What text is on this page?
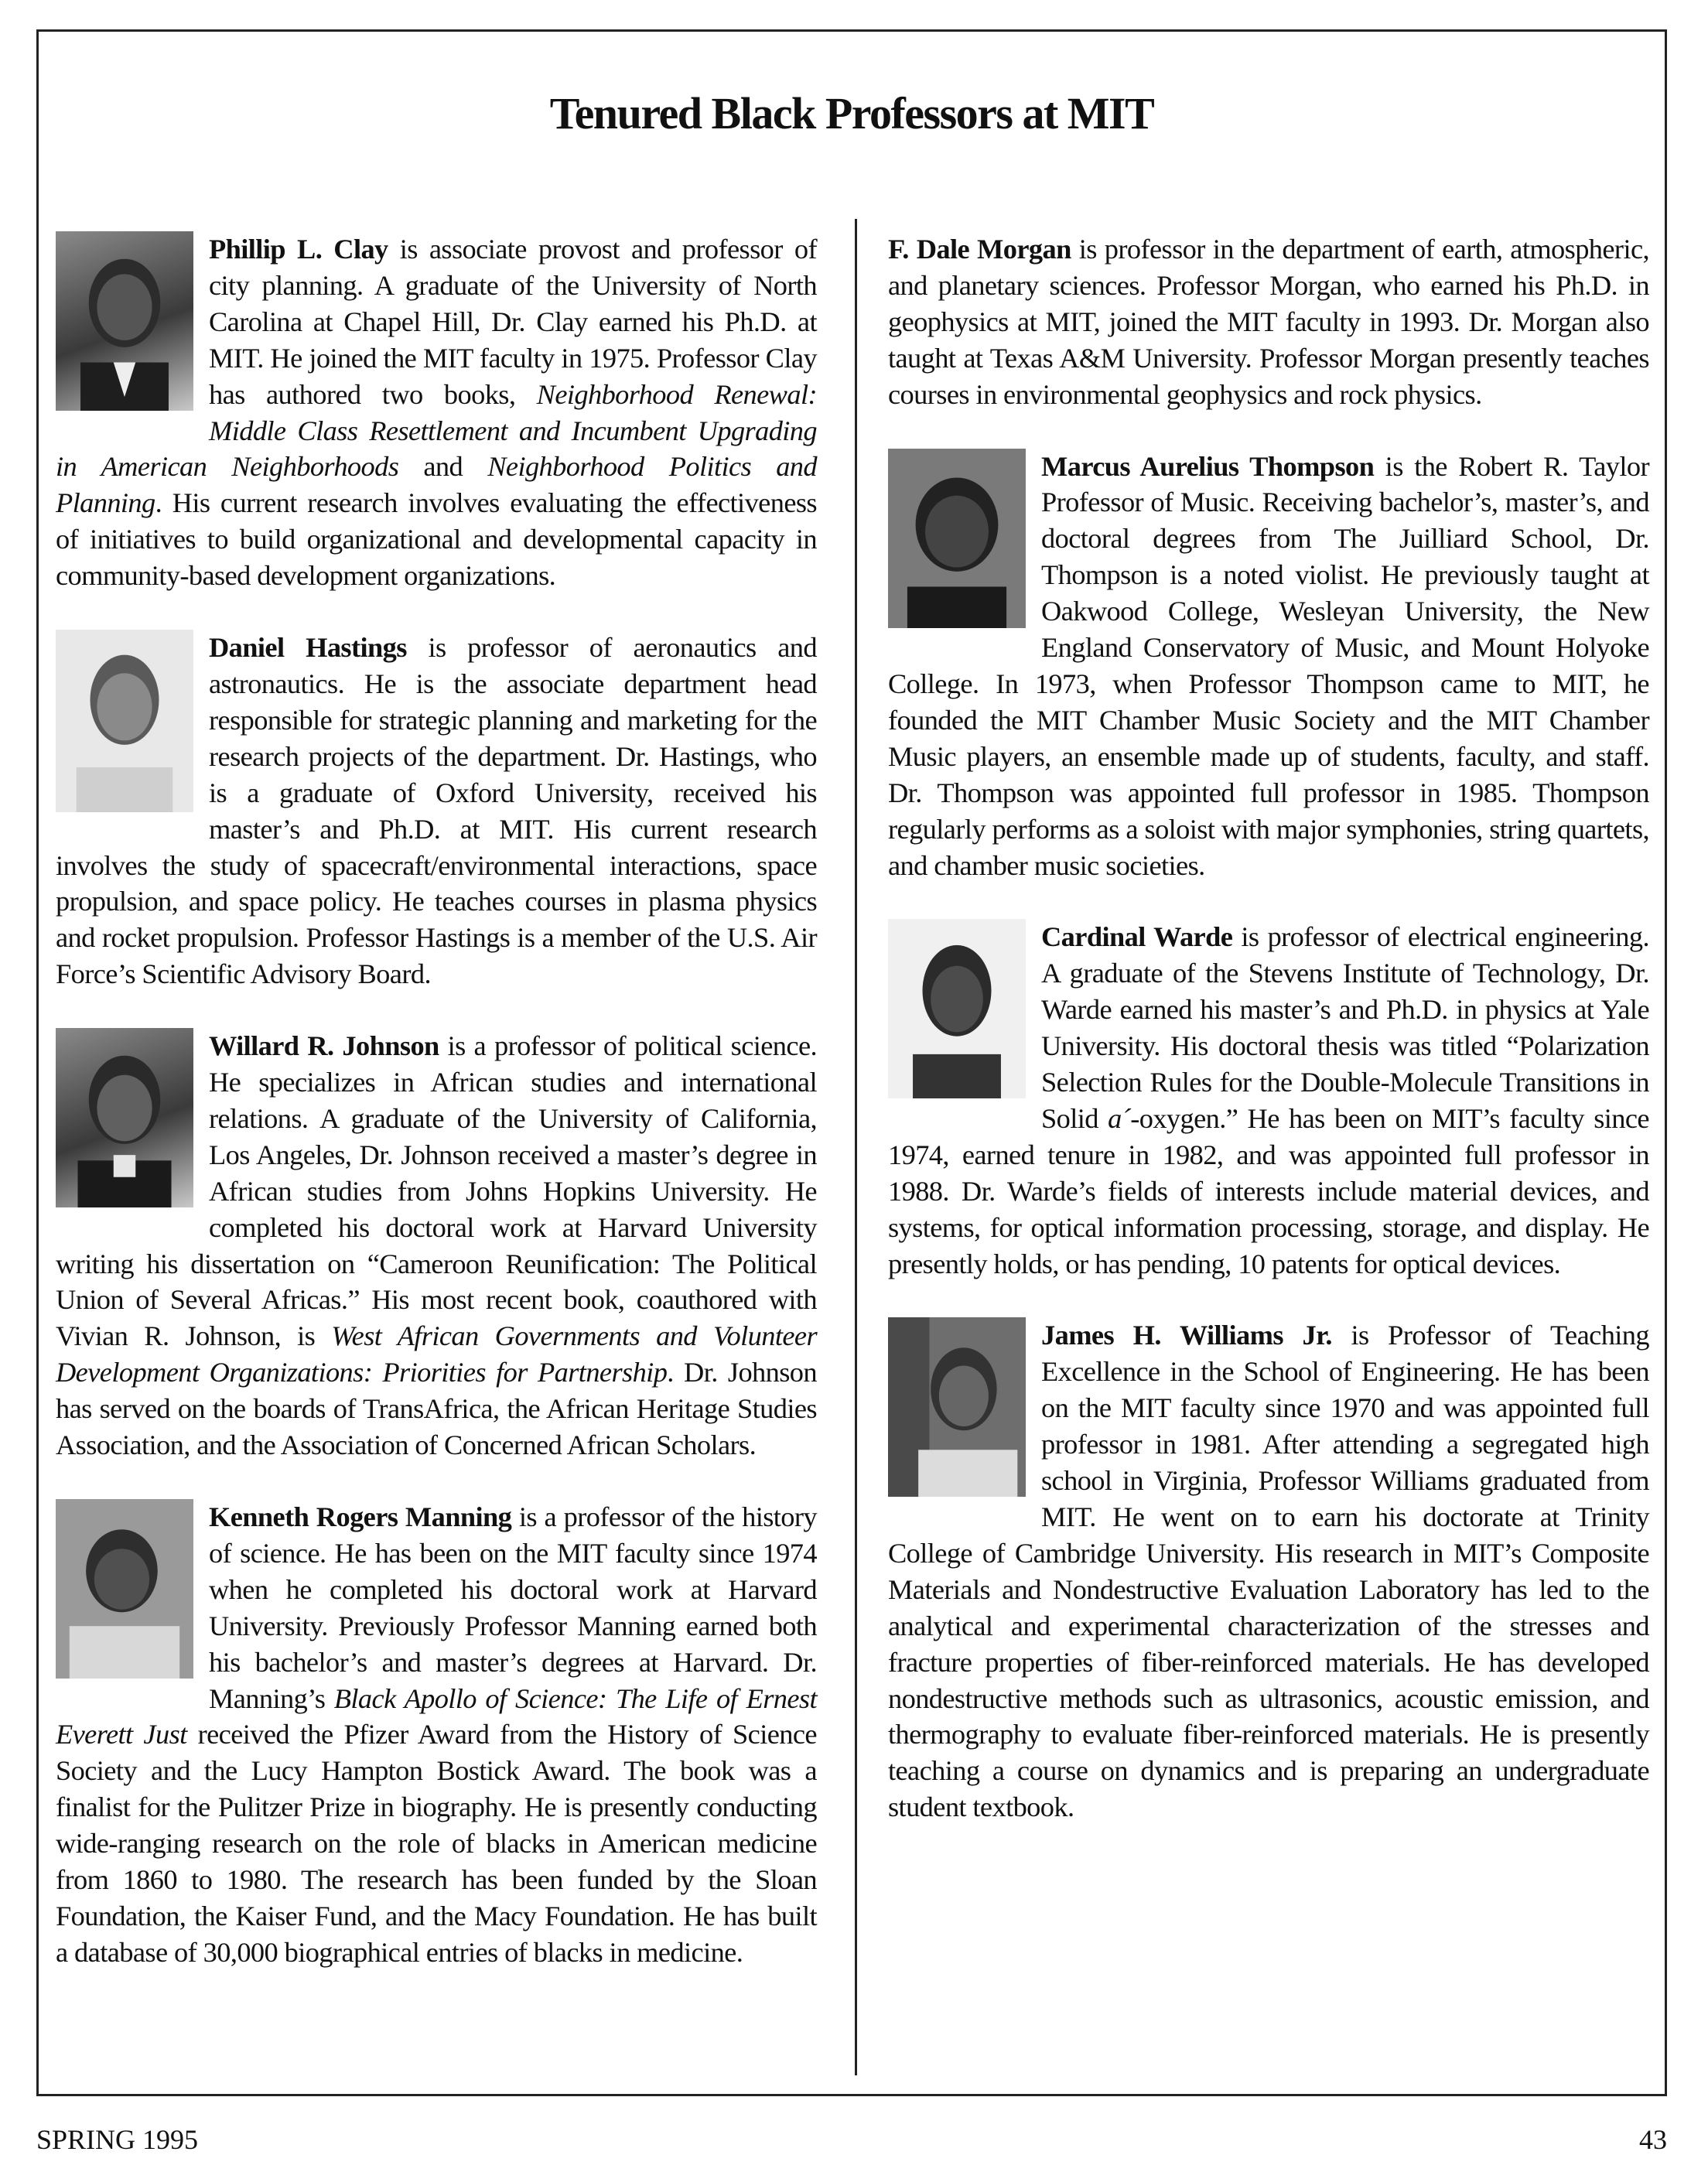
Tenured Black Professors at MIT

Phillip L. Clay is associate provost and professor of city planning. A graduate of the University of North Carolina at Chapel Hill, Dr. Clay earned his Ph.D. at MIT. He joined the MIT faculty in 1975. Professor Clay has authored two books, Neighborhood Renewal: Middle Class Resettlement and Incumbent Upgrading in American Neighborhoods and Neighborhood Politics and Planning. His current research involves evaluating the effectiveness of initiatives to build organizational and developmental capacity in community-based development organizations.

Daniel Hastings is professor of aeronautics and astronautics. He is the associate department head responsible for strategic planning and marketing for the research projects of the department. Dr. Hastings, who is a graduate of Oxford University, received his master’s and Ph.D. at MIT. His current research involves the study of spacecraft/environmental interactions, space propulsion, and space policy. He teaches courses in plasma physics and rocket propulsion. Professor Hastings is a member of the U.S. Air Force’s Scientific Advisory Board.

Willard R. Johnson is a professor of political science. He specializes in African studies and international relations. A graduate of the University of California, Los Angeles, Dr. Johnson received a master’s degree in African studies from Johns Hopkins University. He completed his doctoral work at Harvard University writing his dissertation on “Cameroon Reunification: The Political Union of Several Africas.” His most recent book, coauthored with Vivian R. Johnson, is West African Governments and Volunteer Development Organizations: Priorities for Partnership. Dr. Johnson has served on the boards of TransAfrica, the African Heritage Studies Association, and the Association of Concerned African Scholars.

Kenneth Rogers Manning is a professor of the history of science. He has been on the MIT faculty since 1974 when he completed his doctoral work at Harvard University. Previously Professor Manning earned both his bachelor’s and master’s degrees at Harvard. Dr. Manning’s Black Apollo of Science: The Life of Ernest Everett Just received the Pfizer Award from the History of Science Society and the Lucy Hampton Bostick Award. The book was a finalist for the Pulitzer Prize in biography. He is presently conducting wide-ranging research on the role of blacks in American medicine from 1860 to 1980. The research has been funded by the Sloan Foundation, the Kaiser Fund, and the Macy Foundation. He has built a database of 30,000 biographical entries of blacks in medicine.

F. Dale Morgan is professor in the department of earth, atmospheric, and planetary sciences. Professor Morgan, who earned his Ph.D. in geophysics at MIT, joined the MIT faculty in 1993. Dr. Morgan also taught at Texas A&M University. Professor Morgan presently teaches courses in environmental geophysics and rock physics.

Marcus Aurelius Thompson is the Robert R. Taylor Professor of Music. Receiving bachelor’s, master’s, and doctoral degrees from The Juilliard School, Dr. Thompson is a noted violist. He previously taught at Oakwood College, Wesleyan University, the New England Conservatory of Music, and Mount Holyoke College. In 1973, when Professor Thompson came to MIT, he founded the MIT Chamber Music Society and the MIT Chamber Music players, an ensemble made up of students, faculty, and staff. Dr. Thompson was appointed full professor in 1985. Thompson regularly performs as a soloist with major symphonies, string quartets, and chamber music societies.

Cardinal Warde is professor of electrical engineering. A graduate of the Stevens Institute of Technology, Dr. Warde earned his master’s and Ph.D. in physics at Yale University. His doctoral thesis was titled “Polarization Selection Rules for the Double-Molecule Transitions in Solid a´-oxygen.” He has been on MIT’s faculty since 1974, earned tenure in 1982, and was appointed full professor in 1988. Dr. Warde’s fields of interests include material devices, and systems, for optical information processing, storage, and display. He presently holds, or has pending, 10 patents for optical devices.

James H. Williams Jr. is Professor of Teaching Excellence in the School of Engineering. He has been on the MIT faculty since 1970 and was appointed full professor in 1981. After attending a segregated high school in Virginia, Professor Williams graduated from MIT. He went on to earn his doctorate at Trinity College of Cambridge University. His research in MIT’s Composite Materials and Nondestructive Evaluation Laboratory has led to the analytical and experimental characterization of the stresses and fracture properties of fiber-reinforced materials. He has developed nondestructive methods such as ultrasonics, acoustic emission, and thermography to evaluate fiber-reinforced materials. He is presently teaching a course on dynamics and is preparing an undergraduate student textbook.

SPRING 1995	43
